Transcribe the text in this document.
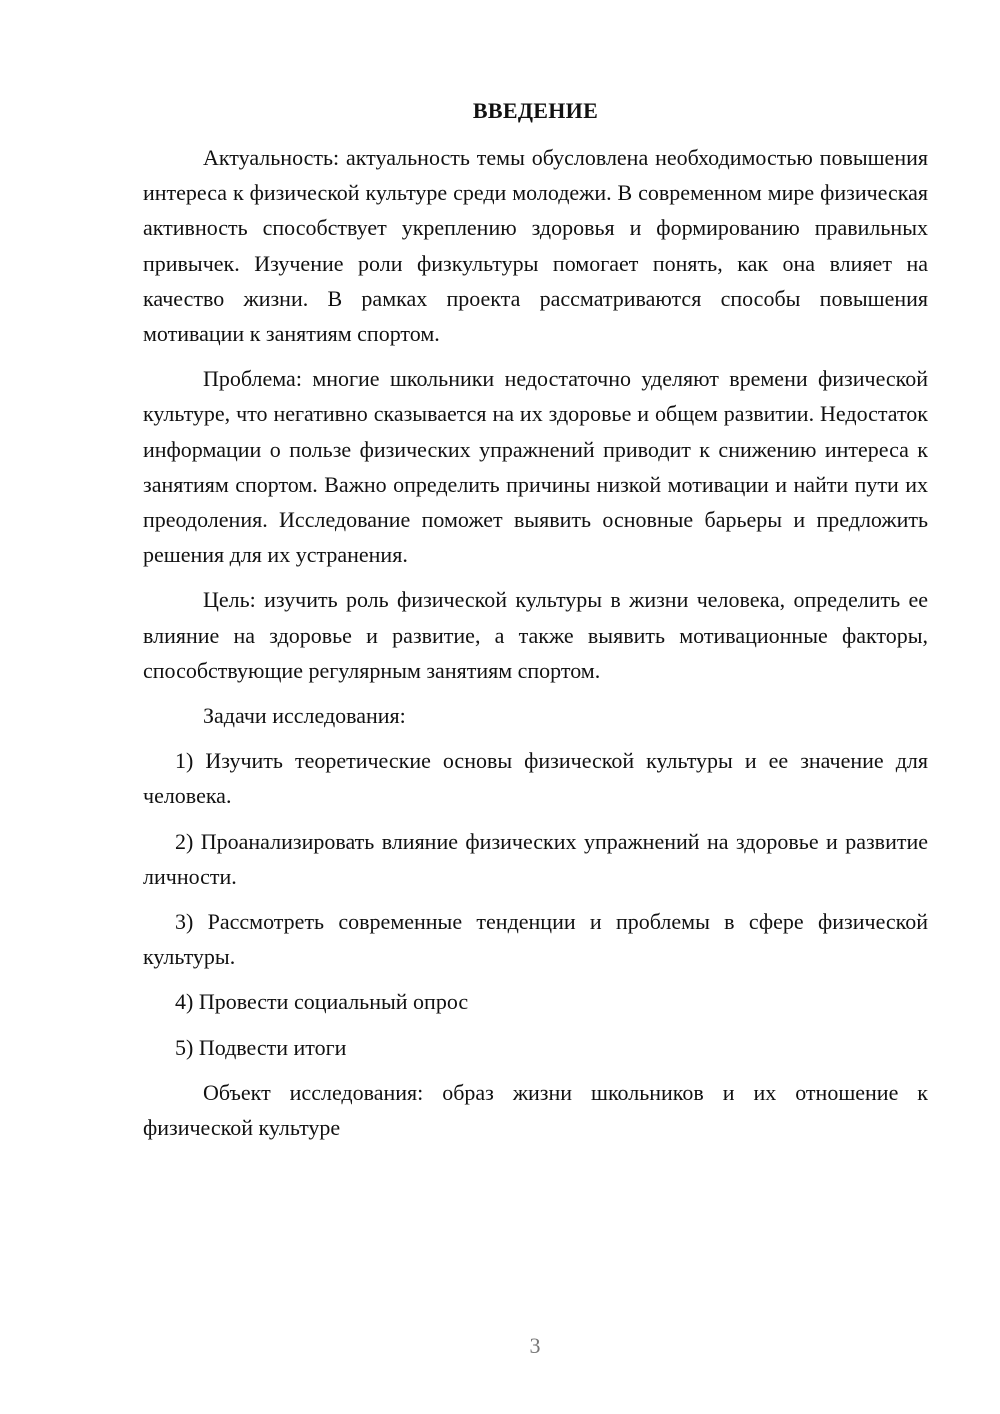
ВВЕДЕНИЕ

Актуальность: актуальность темы обусловлена необходимостью повышения интереса к физической культуре среди молодежи. В современном мире физическая активность способствует укреплению здоровья и формированию правильных привычек. Изучение роли физкультуры помогает понять, как она влияет на качество жизни. В рамках проекта рассматриваются способы повышения мотивации к занятиям спортом.

Проблема: многие школьники недостаточно уделяют времени физической культуре, что негативно сказывается на их здоровье и общем развитии. Недостаток информации о пользе физических упражнений приводит к снижению интереса к занятиям спортом. Важно определить причины низкой мотивации и найти пути их преодоления. Исследование поможет выявить основные барьеры и предложить решения для их устранения.

Цель: изучить роль физической культуры в жизни человека, определить ее влияние на здоровье и развитие, а также выявить мотивационные факторы, способствующие регулярным занятиям спортом.

Задачи исследования:

1) Изучить теоретические основы физической культуры и ее значение для человека.

2) Проанализировать влияние физических упражнений на здоровье и развитие личности.

3) Рассмотреть современные тенденции и проблемы в сфере физической культуры.

4) Провести социальный опрос

5) Подвести итоги

Объект исследования: образ жизни школьников и их отношение к физической культуре

3
